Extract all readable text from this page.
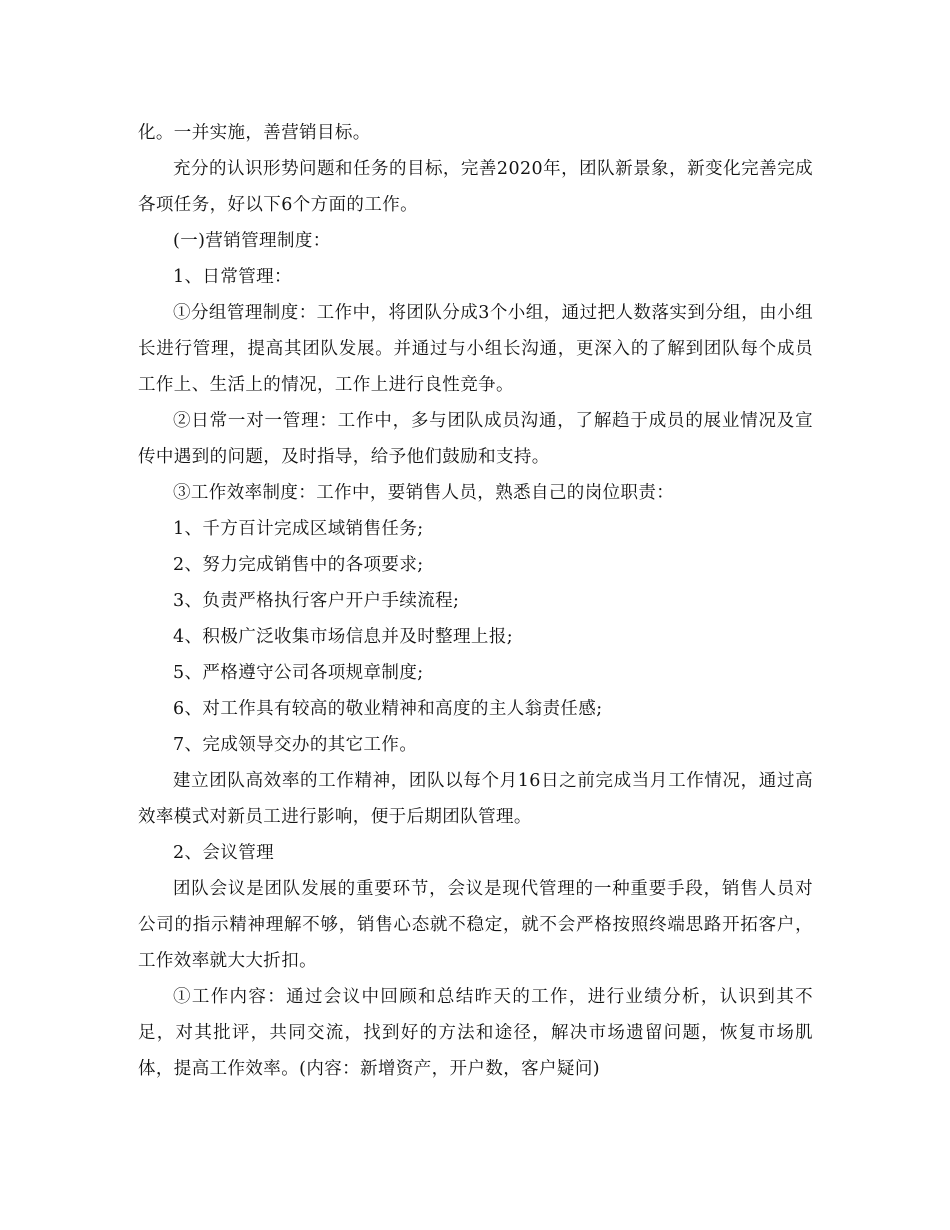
化。一并实施，善营销目标。

充分的认识形势问题和任务的目标，完善2020年，团队新景象，新变化完善完成各项任务，好以下6个方面的工作。

(一)营销管理制度：

1、日常管理：

①分组管理制度：工作中，将团队分成3个小组，通过把人数落实到分组，由小组长进行管理，提高其团队发展。并通过与小组长沟通，更深入的了解到团队每个成员工作上、生活上的情况，工作上进行良性竞争。

②日常一对一管理：工作中，多与团队成员沟通，了解趋于成员的展业情况及宣传中遇到的问题，及时指导，给予他们鼓励和支持。

③工作效率制度：工作中，要销售人员，熟悉自己的岗位职责：

1、千方百计完成区域销售任务;

2、努力完成销售中的各项要求;

3、负责严格执行客户开户手续流程;

4、积极广泛收集市场信息并及时整理上报;

5、严格遵守公司各项规章制度;

6、对工作具有较高的敬业精神和高度的主人翁责任感;

7、完成领导交办的其它工作。

建立团队高效率的工作精神，团队以每个月16日之前完成当月工作情况，通过高效率模式对新员工进行影响，便于后期团队管理。

2、会议管理

团队会议是团队发展的重要环节，会议是现代管理的一种重要手段，销售人员对公司的指示精神理解不够，销售心态就不稳定，就不会严格按照终端思路开拓客户，工作效率就大大折扣。

①工作内容：通过会议中回顾和总结昨天的工作，进行业绩分析，认识到其不足，对其批评，共同交流，找到好的方法和途径，解决市场遗留问题，恢复市场肌体，提高工作效率。(内容：新增资产，开户数，客户疑问)
